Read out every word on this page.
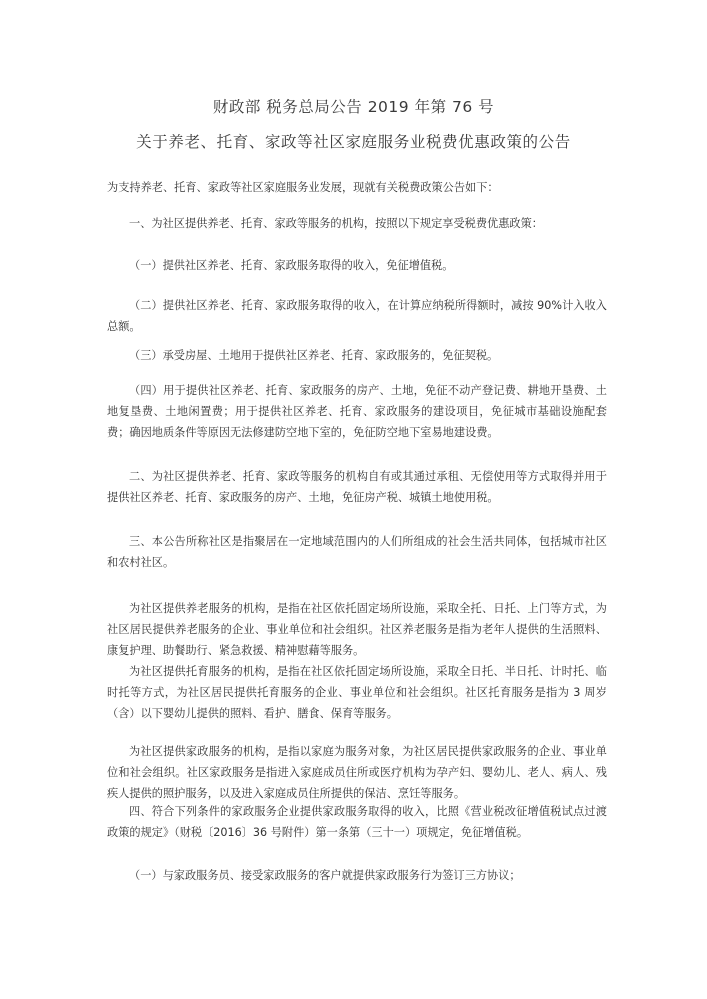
财政部 税务总局公告 2019 年第 76 号
关于养老、托育、家政等社区家庭服务业税费优惠政策的公告

为支持养老、托育、家政等社区家庭服务业发展，现就有关税费政策公告如下：

一、为社区提供养老、托育、家政等服务的机构，按照以下规定享受税费优惠政策：

（一）提供社区养老、托育、家政服务取得的收入，免征增值税。

（二）提供社区养老、托育、家政服务取得的收入，在计算应纳税所得额时，减按 90%计入收入总额。

（三）承受房屋、土地用于提供社区养老、托育、家政服务的，免征契税。

（四）用于提供社区养老、托育、家政服务的房产、土地，免征不动产登记费、耕地开垦费、土地复垦费、土地闲置费；用于提供社区养老、托育、家政服务的建设项目，免征城市基础设施配套费；确因地质条件等原因无法修建防空地下室的，免征防空地下室易地建设费。

二、为社区提供养老、托育、家政等服务的机构自有或其通过承租、无偿使用等方式取得并用于提供社区养老、托育、家政服务的房产、土地，免征房产税、城镇土地使用税。

三、本公告所称社区是指聚居在一定地域范围内的人们所组成的社会生活共同体，包括城市社区和农村社区。

为社区提供养老服务的机构，是指在社区依托固定场所设施，采取全托、日托、上门等方式，为社区居民提供养老服务的企业、事业单位和社会组织。社区养老服务是指为老年人提供的生活照料、康复护理、助餐助行、紧急救援、精神慰藉等服务。

为社区提供托育服务的机构，是指在社区依托固定场所设施，采取全日托、半日托、计时托、临时托等方式，为社区居民提供托育服务的企业、事业单位和社会组织。社区托育服务是指为 3 周岁（含）以下婴幼儿提供的照料、看护、膳食、保育等服务。

为社区提供家政服务的机构，是指以家庭为服务对象，为社区居民提供家政服务的企业、事业单位和社会组织。社区家政服务是指进入家庭成员住所或医疗机构为孕产妇、婴幼儿、老人、病人、残疾人提供的照护服务，以及进入家庭成员住所提供的保洁、烹饪等服务。

四、符合下列条件的家政服务企业提供家政服务取得的收入，比照《营业税改征增值税试点过渡政策的规定》（财税〔2016〕36 号附件）第一条第（三十一）项规定，免征增值税。

（一）与家政服务员、接受家政服务的客户就提供家政服务行为签订三方协议；
